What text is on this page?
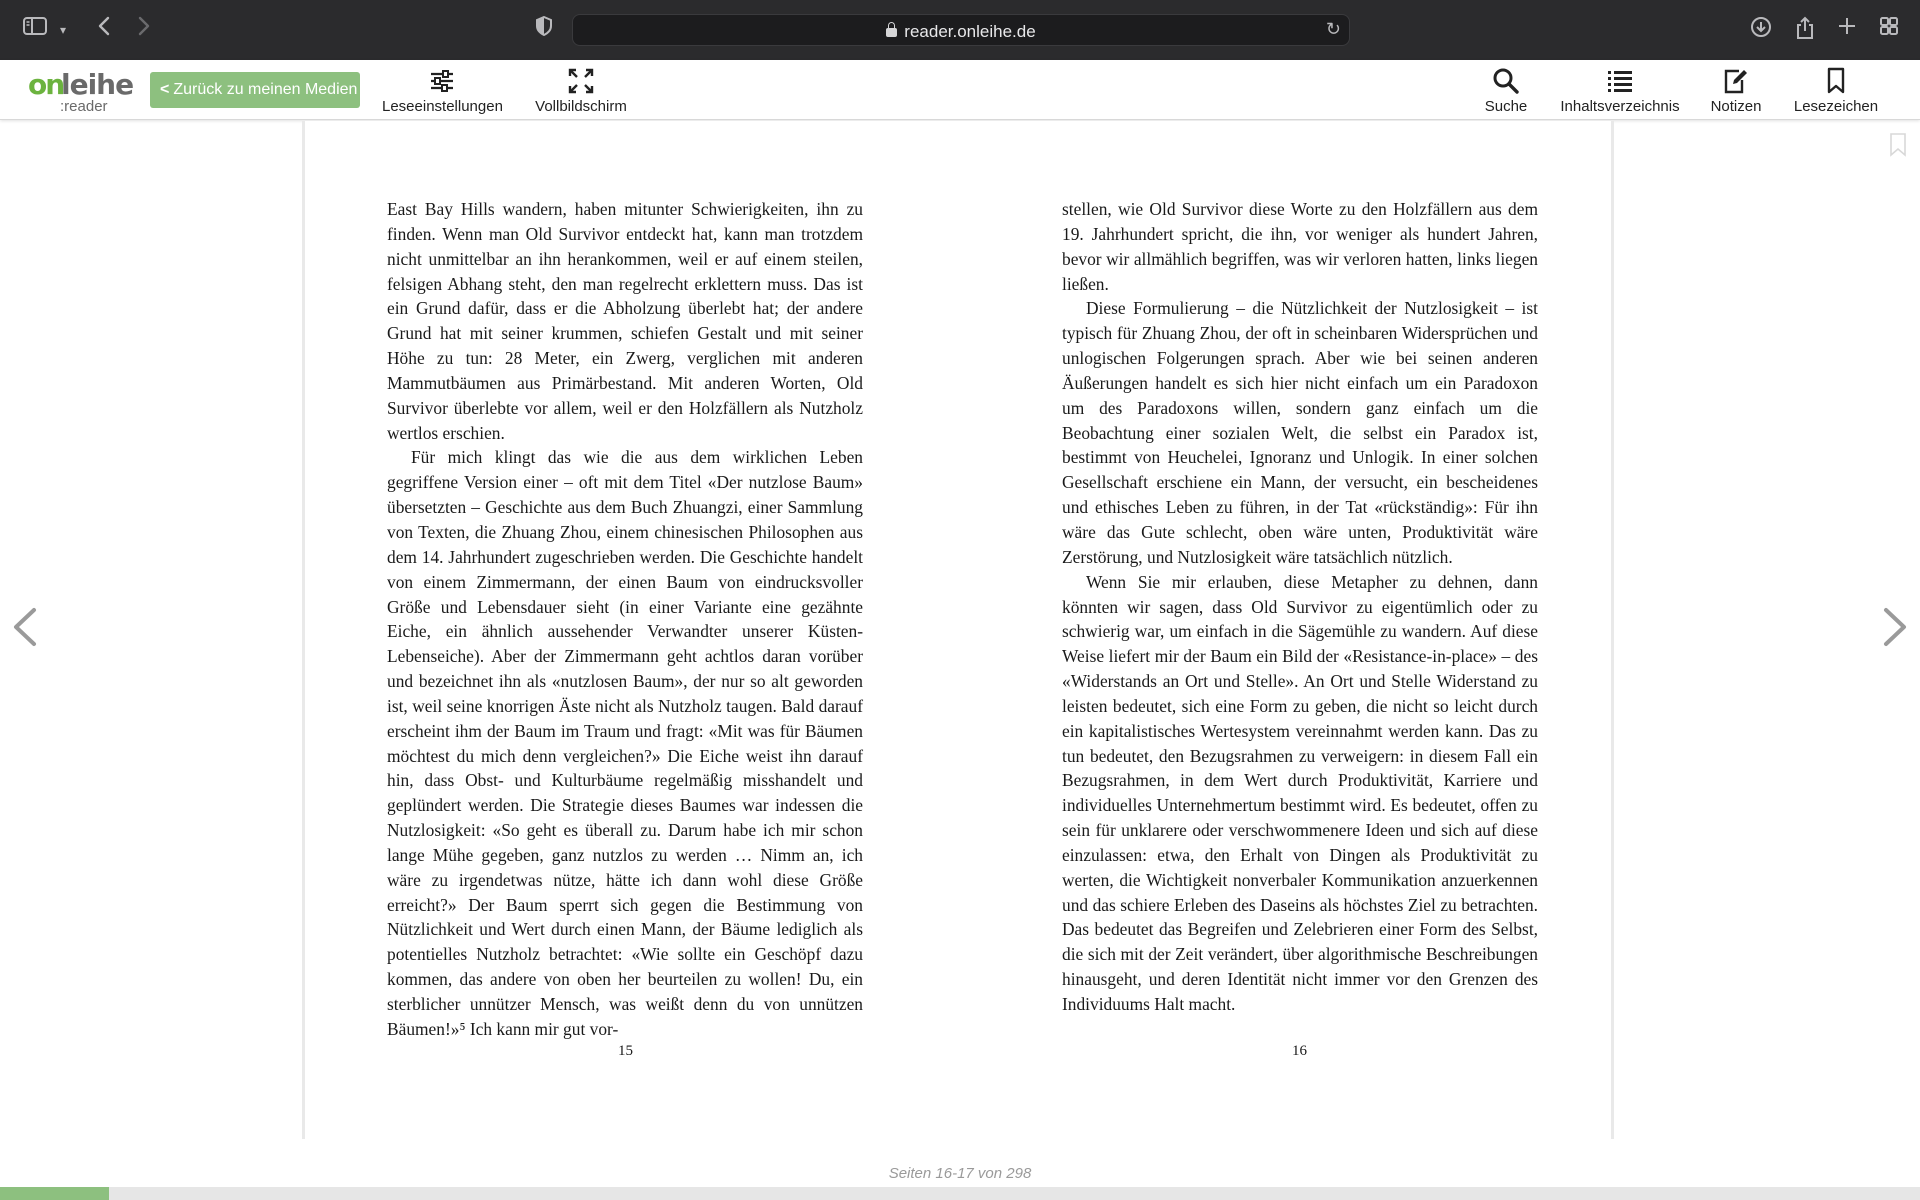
▾	reader.onleihe.de	↻
on
leihe
:reader
< Zurück zu meinen Medien
Leseeinstellungen Vollbildschirm	Suche	Inhaltsverzeichnis	Notizen	Lesezeichen

East Bay Hills wandern, haben mitunter Schwierigkeiten, ihn zu finden. Wenn man Old Survivor entdeckt hat, kann man trotzdem nicht unmittelbar an ihn herankommen, weil er auf einem steilen, felsigen Abhang steht, den man regelrecht erklettern muss. Das ist ein Grund dafür, dass er die Abholzung überlebt hat; der andere Grund hat mit seiner krummen, schiefen Gestalt und mit seiner Höhe zu tun: 28 Meter, ein Zwerg, verglichen mit anderen Mammutbäumen aus Primärbestand. Mit anderen Worten, Old Survivor überlebte vor allem, weil er den Holzfällern als Nutzholz wertlos erschien.

Für mich klingt das wie die aus dem wirklichen Leben gegriffene Version einer – oft mit dem Titel «Der nutzlose Baum» übersetzten – Geschichte aus dem Buch Zhuangzi, einer Sammlung von Texten, die Zhuang Zhou, einem chinesischen Philosophen aus dem 14. Jahrhundert zugeschrieben werden. Die Geschichte handelt von einem Zimmermann, der einen Baum von eindrucksvoller Größe und Lebensdauer sieht (in einer Variante eine gezähnte Eiche, ein ähnlich aussehender Verwandter unserer Küsten-Lebenseiche). Aber der Zimmermann geht achtlos daran vorüber und bezeichnet ihn als «nutzlosen Baum», der nur so alt geworden ist, weil seine knorrigen Äste nicht als Nutzholz taugen. Bald darauf erscheint ihm der Baum im Traum und fragt: «Mit was für Bäumen möchtest du mich denn vergleichen?» Die Eiche weist ihn darauf hin, dass Obst- und Kulturbäume regelmäßig misshandelt und geplündert werden. Die Strategie dieses Baumes war indessen die Nutzlosigkeit: «So geht es überall zu. Darum habe ich mir schon lange Mühe gegeben, ganz nutzlos zu werden … Nimm an, ich wäre zu irgendetwas nütze, hätte ich dann wohl diese Größe erreicht?» Der Baum sperrt sich gegen die Bestimmung von Nützlichkeit und Wert durch einen Mann, der Bäume lediglich als potentielles Nutzholz betrachtet: «Wie sollte ein Geschöpf dazu kommen, das andere von oben her beurteilen zu wollen! Du, ein sterblicher unnützer Mensch, was weißt denn du von unnützen Bäumen!»⁵ Ich kann mir gut vor-

15

stellen, wie Old Survivor diese Worte zu den Holzfällern aus dem 19. Jahrhundert spricht, die ihn, vor weniger als hundert Jahren, bevor wir allmählich begriffen, was wir verloren hatten, links liegen ließen.

Diese Formulierung – die Nützlichkeit der Nutzlosigkeit – ist typisch für Zhuang Zhou, der oft in scheinbaren Widersprüchen und unlogischen Folgerungen sprach. Aber wie bei seinen anderen Äußerungen handelt es sich hier nicht einfach um ein Paradoxon um des Paradoxons willen, sondern ganz einfach um die Beobachtung einer sozialen Welt, die selbst ein Paradox ist, bestimmt von Heuchelei, Ignoranz und Unlogik. In einer solchen Gesellschaft erschiene ein Mann, der versucht, ein bescheidenes und ethisches Leben zu führen, in der Tat «rückständig»: Für ihn wäre das Gute schlecht, oben wäre unten, Produktivität wäre Zerstörung, und Nutzlosigkeit wäre tatsächlich nützlich.

Wenn Sie mir erlauben, diese Metapher zu dehnen, dann könnten wir sagen, dass Old Survivor zu eigentümlich oder zu schwierig war, um einfach in die Sägemühle zu wandern. Auf diese Weise liefert mir der Baum ein Bild der «Resistance-in-place» – des «Widerstands an Ort und Stelle». An Ort und Stelle Widerstand zu leisten bedeutet, sich eine Form zu geben, die nicht so leicht durch ein kapitalistisches Wertesystem vereinnahmt werden kann. Das zu tun bedeutet, den Bezugsrahmen zu verweigern: in diesem Fall ein Bezugsrahmen, in dem Wert durch Produktivität, Karriere und individuelles Unternehmertum bestimmt wird. Es bedeutet, offen zu sein für unklarere oder verschwommenere Ideen und sich auf diese einzulassen: etwa, den Erhalt von Dingen als Produktivität zu werten, die Wichtigkeit nonverbaler Kommunikation anzuerkennen und das schiere Erleben des Daseins als höchstes Ziel zu betrachten. Das bedeutet das Begreifen und Zelebrieren einer Form des Selbst, die sich mit der Zeit verändert, über algorithmische Beschreibungen hinausgeht, und deren Identität nicht immer vor den Grenzen des Individuums Halt macht.

16
Seiten 16-17 von 298
